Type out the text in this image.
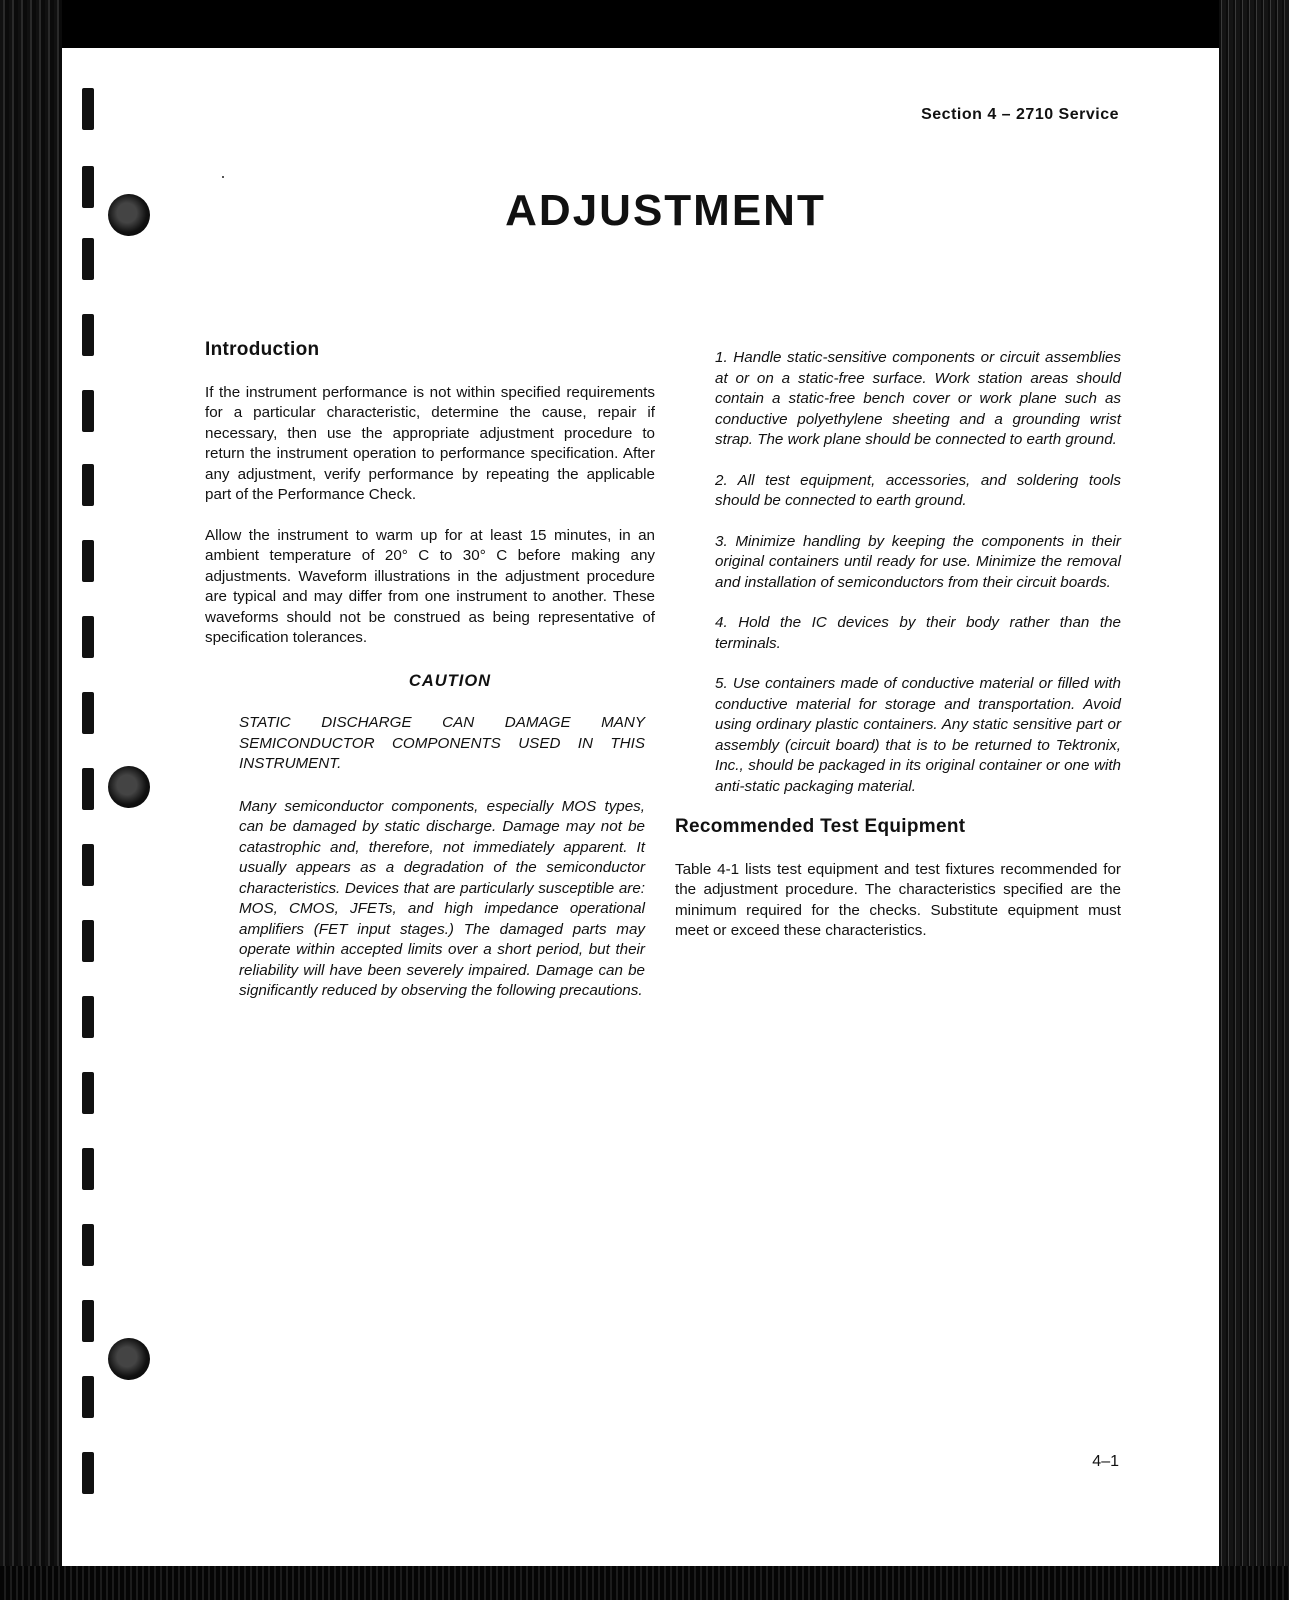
Section 4 – 2710 Service
ADJUSTMENT
Introduction

If the instrument performance is not within specified requirements for a particular characteristic, determine the cause, repair if necessary, then use the appropriate adjustment procedure to return the instrument operation to performance specification. After any adjustment, verify performance by repeating the applicable part of the Performance Check.

Allow the instrument to warm up for at least 15 minutes, in an ambient temperature of 20° C to 30° C before making any adjustments. Waveform illustrations in the adjustment procedure are typical and may differ from one instrument to another. These waveforms should not be construed as being representative of specification tolerances.

CAUTION

STATIC DISCHARGE CAN DAMAGE MANY SEMICONDUCTOR COMPONENTS USED IN THIS INSTRUMENT.

Many semiconductor components, especially MOS types, can be damaged by static discharge. Damage may not be catastrophic and, therefore, not immediately apparent. It usually appears as a degradation of the semiconductor characteristics. Devices that are particularly susceptible are: MOS, CMOS, JFETs, and high impedance operational amplifiers (FET input stages.) The damaged parts may operate within accepted limits over a short period, but their reliability will have been severely impaired. Damage can be significantly reduced by observing the following precautions.

1. Handle static-sensitive components or circuit assemblies at or on a static-free surface. Work station areas should contain a static-free bench cover or work plane such as conductive polyethylene sheeting and a grounding wrist strap. The work plane should be connected to earth ground.
2. All test equipment, accessories, and soldering tools should be connected to earth ground.
3. Minimize handling by keeping the components in their original containers until ready for use. Minimize the removal and installation of semiconductors from their circuit boards.
4. Hold the IC devices by their body rather than the terminals.
5. Use containers made of conductive material or filled with conductive material for storage and transportation. Avoid using ordinary plastic containers. Any static sensitive part or assembly (circuit board) that is to be returned to Tektronix, Inc., should be packaged in its original container or one with anti-static packaging material.
Recommended Test Equipment

Table 4-1 lists test equipment and test fixtures recommended for the adjustment procedure. The characteristics specified are the minimum required for the checks. Substitute equipment must meet or exceed these characteristics.

4–1
